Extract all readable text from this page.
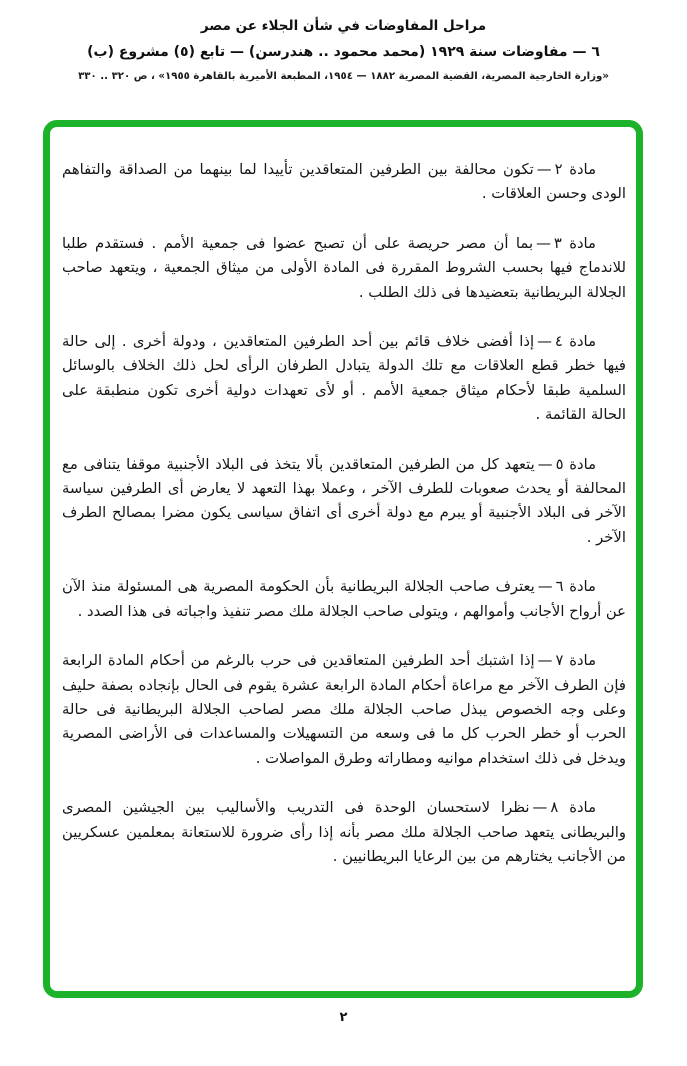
مراحل المفاوضات في شأن الجلاء عن مصر
٦ — مفاوضات سنة ١٩٢٩ (محمد محمود .. هندرسن) — تابع (٥) مشروع (ب)
«وزارة الخارجية المصرية، القضية المصرية ١٨٨٢ — ١٩٥٤، المطبعة الأميرية بالقاهرة ١٩٥٥» ، ص ٣٢٠ .. ٣٣٠

مادة ٢—تكون محالفة بين الطرفين المتعاقدين تأييدا لما بينهما من الصداقة والتفاهم الودى وحسن العلاقات .

مادة ٣—بما أن مصر حريصة على أن تصبح عضوا فى جمعية الأمم . فستقدم طلبا للاندماج فيها بحسب الشروط المقررة فى المادة الأولى من ميثاق الجمعية ، ويتعهد صاحب الجلالة البريطانية بتعضيدها فى ذلك الطلب .

مادة ٤—إذا أفضى خلاف قائم بين أحد الطرفين المتعاقدين ، ودولة أخرى . إلى حالة فيها خطر قطع العلاقات مع تلك الدولة يتبادل الطرفان الرأى لحل ذلك الخلاف بالوسائل السلمية طبقا لأحكام ميثاق جمعية الأمم . أو لأى تعهدات دولية أخرى تكون منطبقة على الحالة القائمة .

مادة ٥—يتعهد كل من الطرفين المتعاقدين بألا يتخذ فى البلاد الأجنبية موقفا يتنافى مع المحالفة أو يحدث صعوبات للطرف الآخر ، وعملا بهذا التعهد لا يعارض أى الطرفين سياسة الآخر فى البلاد الأجنبية أو يبرم مع دولة أخرى أى اتفاق سياسى يكون مضرا بمصالح الطرف الآخر .

مادة ٦—يعترف صاحب الجلالة البريطانية بأن الحكومة المصرية هى المسئولة منذ الآن عن أرواح الأجانب وأموالهم ، ويتولى صاحب الجلالة ملك مصر تنفيذ واجباته فى هذا الصدد .

مادة ٧—إذا اشتبك أحد الطرفين المتعاقدين فى حرب بالرغم من أحكام المادة الرابعة فإن الطرف الآخر مع مراعاة أحكام المادة الرابعة عشرة يقوم فى الحال بإنجاده بصفة حليف وعلى وجه الخصوص يبذل صاحب الجلالة ملك مصر لصاحب الجلالة البريطانية فى حالة الحرب أو خطر الحرب كل ما فى وسعه من التسهيلات والمساعدات فى الأراضى المصرية ويدخل فى ذلك استخدام موانيه ومطاراته وطرق المواصلات .

مادة ٨—نظرا لاستحسان الوحدة فى التدريب والأساليب بين الجيشين المصرى والبريطانى يتعهد صاحب الجلالة ملك مصر بأنه إذا رأى ضرورة للاستعانة بمعلمين عسكريين من الأجانب يختارهم من بين الرعايا البريطانيين .

٢
